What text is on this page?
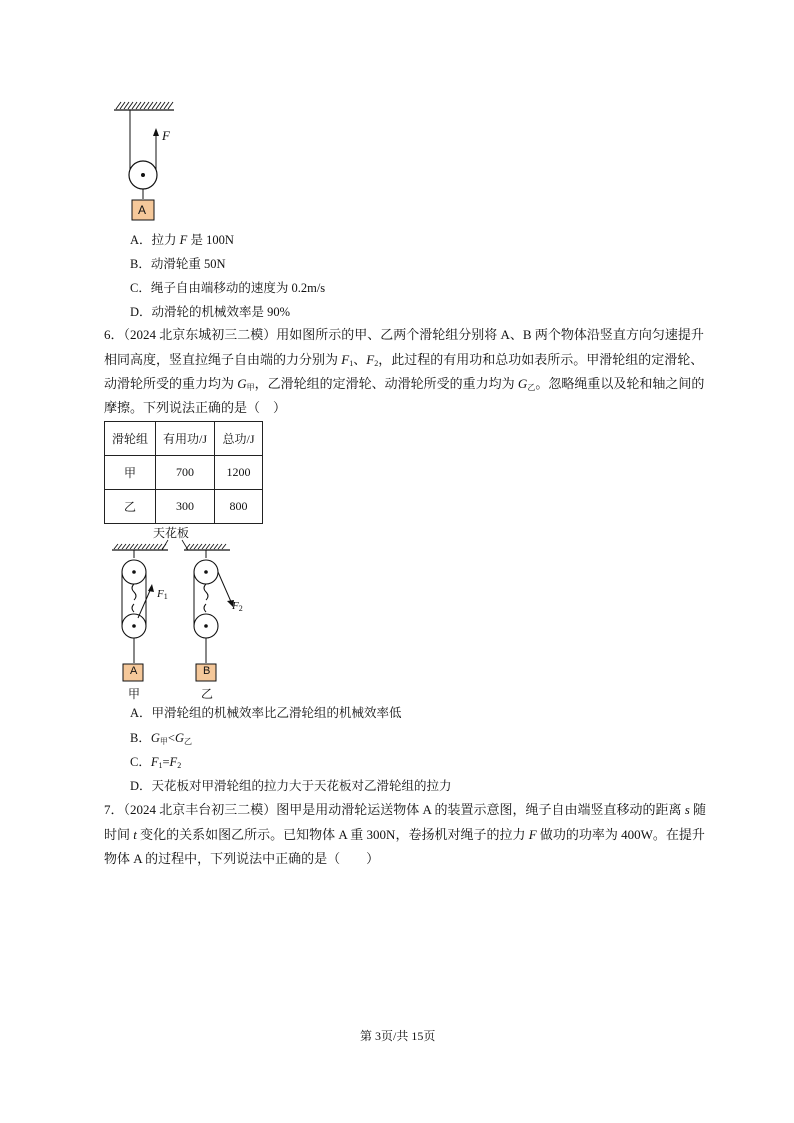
F
A
A．拉力 F 是 100N
B．动滑轮重 50N
C．绳子自由端移动的速度为 0.2m/s
D．动滑轮的机械效率是 90%
6．（2024 北京东城初三二模）用如图所示的甲、乙两个滑轮组分别将 A、B 两个物体沿竖直方向匀速提升
相同高度，竖直拉绳子自由端的力分别为 $F_1$、$F_2$，此过程的有用功和总功如表所示。甲滑轮组的定滑轮、
动滑轮所受的重力均为 $G_甲$，乙滑轮组的定滑轮、动滑轮所受的重力均为 $G_乙$。忽略绳重以及轮和轴之间的
摩擦。下列说法正确的是（　）
滑轮组	有用功/J	总功/J
甲	700	1200
乙	300	800
天花板
$F_1$
$F_2$
A	B
甲	乙
A．甲滑轮组的机械效率比乙滑轮组的机械效率低
B．$G_甲<G_乙$
C．$F_1=F_2$
D．天花板对甲滑轮组的拉力大于天花板对乙滑轮组的拉力
7．（2024 北京丰台初三二模）图甲是用动滑轮运送物体 A 的装置示意图，绳子自由端竖直移动的距离 s 随
时间 t 变化的关系如图乙所示。已知物体 A 重 300N，卷扬机对绳子的拉力 F 做功的功率为 400W。在提升
物体 A 的过程中，下列说法中正确的是（　　）
第 3页/共 15页
